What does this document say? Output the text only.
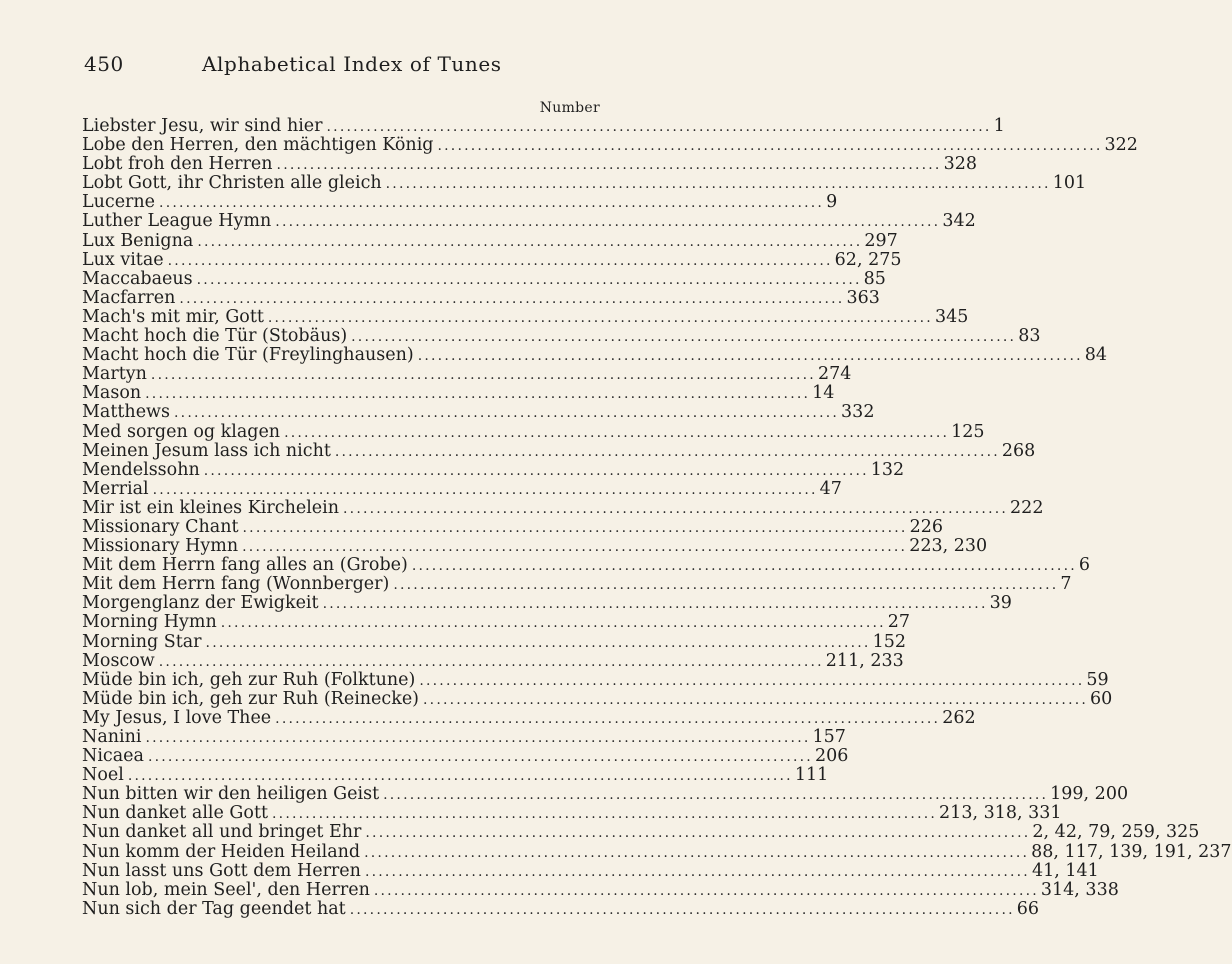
450	Alphabetical Index of Tunes
Number
Liebster Jesu, wir sind hier .................................................................................................... 1
Lobe den Herren, den mächtigen König .................................................................................................... 322
Lobt froh den Herren .................................................................................................... 328
Lobt Gott, ihr Christen alle gleich .................................................................................................... 101
Lucerne .................................................................................................... 9
Luther League Hymn .................................................................................................... 342
Lux Benigna .................................................................................................... 297
Lux vitae .................................................................................................... 62, 275
Maccabaeus .................................................................................................... 85
Macfarren .................................................................................................... 363
Mach's mit mir, Gott .................................................................................................... 345
Macht hoch die Tür (Stobäus) .................................................................................................... 83
Macht hoch die Tür (Freylinghausen) .................................................................................................... 84
Martyn .................................................................................................... 274
Mason .................................................................................................... 14
Matthews .................................................................................................... 332
Med sorgen og klagen .................................................................................................... 125
Meinen Jesum lass ich nicht .................................................................................................... 268
Mendelssohn .................................................................................................... 132
Merrial .................................................................................................... 47
Mir ist ein kleines Kirchelein .................................................................................................... 222
Missionary Chant .................................................................................................... 226
Missionary Hymn .................................................................................................... 223, 230
Mit dem Herrn fang alles an (Grobe) .................................................................................................... 6
Mit dem Herrn fang (Wonnberger) .................................................................................................... 7
Morgenglanz der Ewigkeit .................................................................................................... 39
Morning Hymn .................................................................................................... 27
Morning Star .................................................................................................... 152
Moscow .................................................................................................... 211, 233
Müde bin ich, geh zur Ruh (Folktune) .................................................................................................... 59
Müde bin ich, geh zur Ruh (Reinecke) .................................................................................................... 60
My Jesus, I love Thee .................................................................................................... 262
Nanini .................................................................................................... 157
Nicaea .................................................................................................... 206
Noel .................................................................................................... 111
Nun bitten wir den heiligen Geist .................................................................................................... 199, 200
Nun danket alle Gott .................................................................................................... 213, 318, 331
Nun danket all und bringet Ehr .................................................................................................... 2, 42, 79, 259, 325
Nun komm der Heiden Heiland .................................................................................................... 88, 117, 139, 191, 237
Nun lasst uns Gott dem Herren .................................................................................................... 41, 141
Nun lob, mein Seel', den Herren .................................................................................................... 314, 338
Nun sich der Tag geendet hat .................................................................................................... 66
